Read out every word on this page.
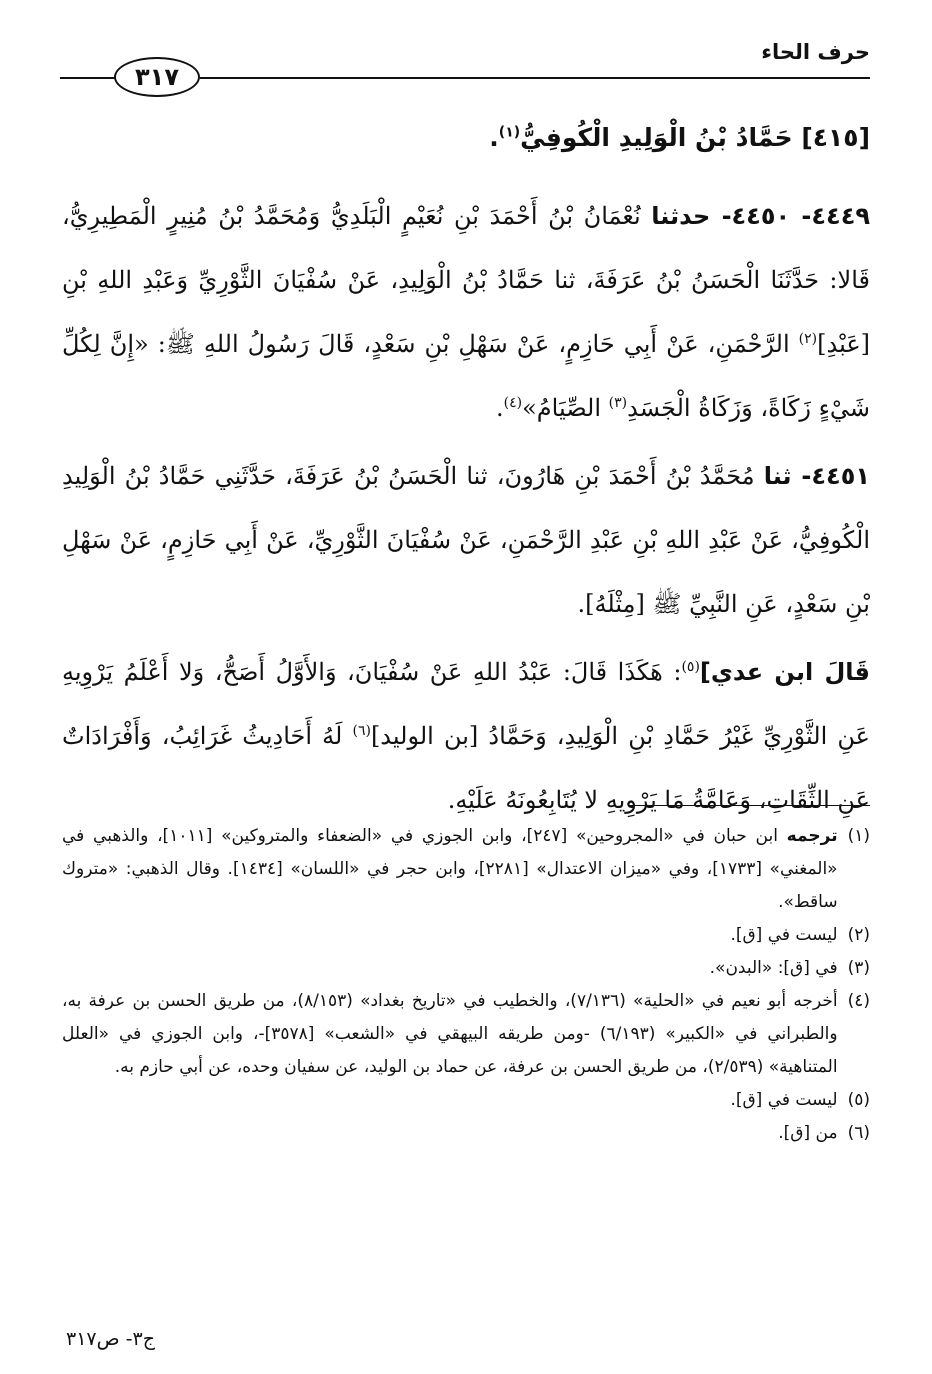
حرف الحاء
٣١٧
[٤١٥] حَمَّادُ بْنُ الْوَلِيدِ الْكُوفِيُّ$^{(١)}$.

٤٤٤٩- ٤٤٥٠- حدثنا نُعْمَانُ بْنُ أَحْمَدَ بْنِ نُعَيْمٍ الْبَلَدِيُّ وَمُحَمَّدُ بْنُ مُنِيرٍ الْمَطِيرِيُّ، قَالا: حَدَّثَنَا الْحَسَنُ بْنُ عَرَفَةَ، ثنا حَمَّادُ بْنُ الْوَلِيدِ، عَنْ سُفْيَانَ الثَّوْرِيِّ وَعَبْدِ اللهِ بْنِ [عَبْدِ]$^{(٢)}$ الرَّحْمَنِ، عَنْ أَبِي حَازِمٍ، عَنْ سَهْلِ بْنِ سَعْدٍ، قَالَ رَسُولُ اللهِ ﷺ: «إِنَّ لِكُلِّ شَيْءٍ زَكَاةً، وَزَكَاةُ الْجَسَدِ$^{(٣)}$ الصِّيَامُ»$^{(٤)}$.

٤٤٥١- ثنا مُحَمَّدُ بْنُ أَحْمَدَ بْنِ هَارُونَ، ثنا الْحَسَنُ بْنُ عَرَفَةَ، حَدَّثَنِي حَمَّادُ بْنُ الْوَلِيدِ الْكُوفِيُّ، عَنْ عَبْدِ اللهِ بْنِ عَبْدِ الرَّحْمَنِ، عَنْ سُفْيَانَ الثَّوْرِيِّ، عَنْ أَبِي حَازِمٍ، عَنْ سَهْلِ بْنِ سَعْدٍ، عَنِ النَّبِيِّ ﷺ [مِثْلَهُ].

قَالَ ابن عدي]$^{(٥)}$: هَكَذَا قَالَ: عَبْدُ اللهِ عَنْ سُفْيَانَ، وَالأَوَّلُ أَصَحُّ، وَلا أَعْلَمُ يَرْوِيهِ عَنِ الثَّوْرِيِّ غَيْرُ حَمَّادِ بْنِ الْوَلِيدِ، وَحَمَّادُ [بن الوليد]$^{(٦)}$ لَهُ أَحَادِيثُ غَرَائِبُ، وَأَفْرَادَاتٌ عَنِ الثِّقَاتِ، وَعَامَّةُ مَا يَرْوِيهِ لا يُتَابِعُونَهُ عَلَيْهِ.

(١)
ترجمه ابن حبان في «المجروحين» [٢٤٧]، وابن الجوزي في «الضعفاء والمتروكين» [١٠١١]، والذهبي في «المغني» [١٧٣٣]، وفي «ميزان الاعتدال» [٢٢٨١]، وابن حجر في «اللسان» [١٤٣٤]. وقال الذهبي: «متروك ساقط».

(٢)
ليست في [ق].

(٣)
في [ق]: «البدن».

(٤)
أخرجه أبو نعيم في «الحلية» (٧/١٣٦)، والخطيب في «تاريخ بغداد» (٨/١٥٣)، من طريق الحسن بن عرفة به، والطبراني في «الكبير» (٦/١٩٣) -ومن طريقه البيهقي في «الشعب» [٣٥٧٨]-، وابن الجوزي في «العلل المتناهية» (٢/٥٣٩)، من طريق الحسن بن عرفة، عن حماد بن الوليد، عن سفيان وحده، عن أبي حازم به.

(٥)
ليست في [ق].

(٦)
من [ق].

ج٣- ص٣١٧
